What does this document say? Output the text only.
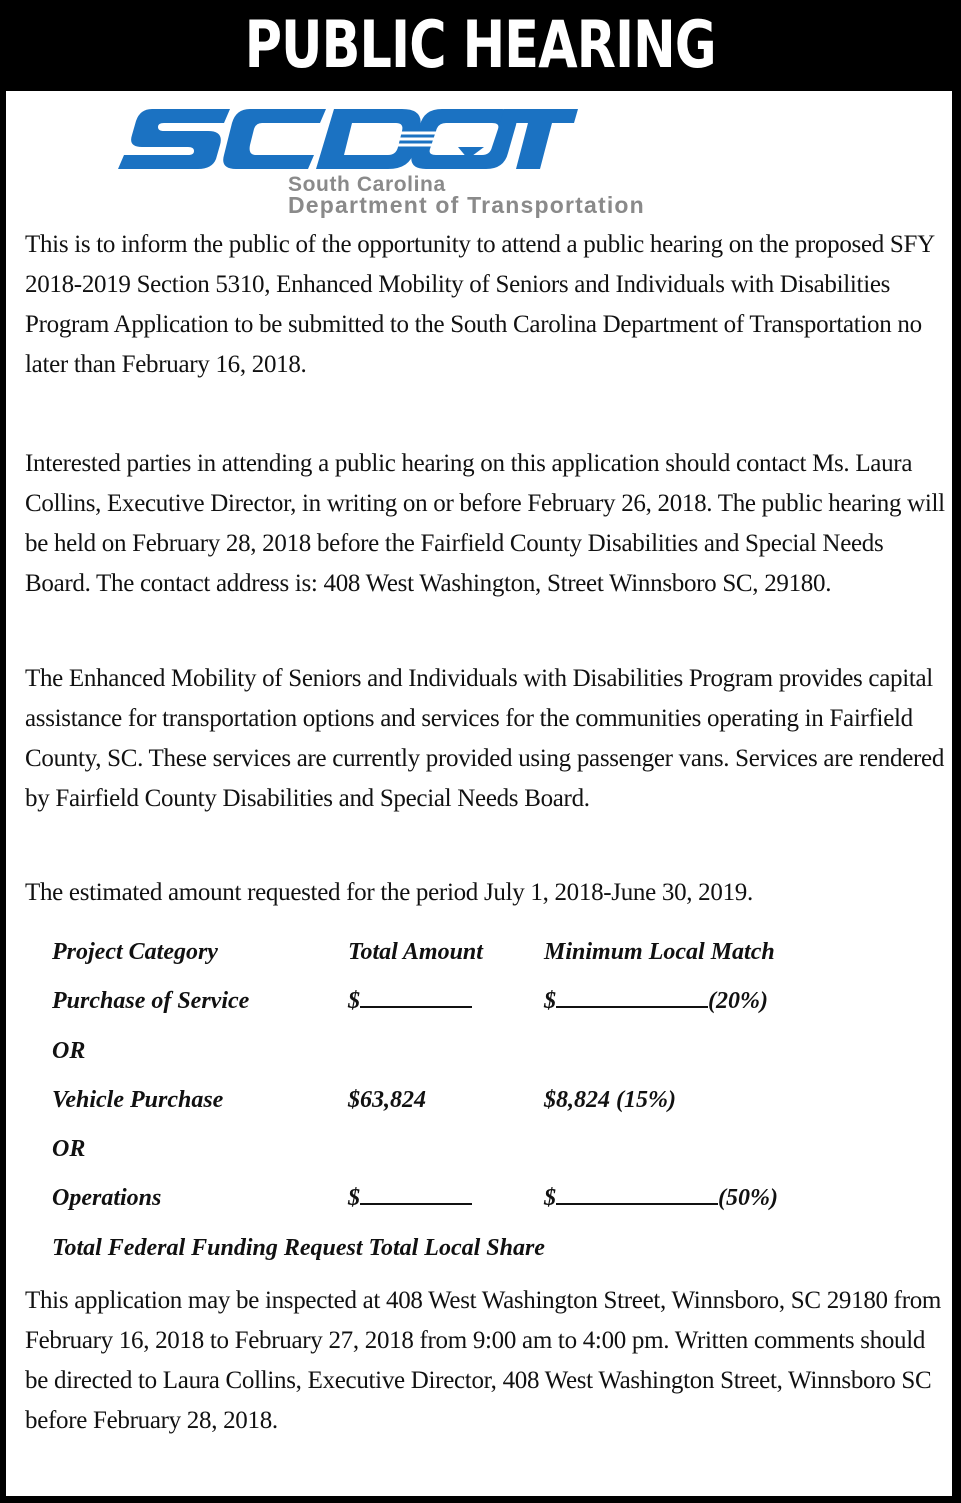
PUBLIC HEARING
South Carolina
Department of Transportation

This is to inform the public of the opportunity to attend a public hearing on the proposed SFY 2018-2019 Section 5310, Enhanced Mobility of Seniors and Individuals with Disabilities Program Application to be submitted to the South Carolina Department of Transportation no later than February 16, 2018.

Interested parties in attending a public hearing on this application should contact Ms. Laura Collins, Executive Director, in writing on or before February 26, 2018. The public hearing will be held on February 28, 2018 before the Fairfield County Disabilities and Special Needs Board. The contact address is: 408 West Washington, Street Winnsboro SC, 29180.

The Enhanced Mobility of Seniors and Individuals with Disabilities Program provides capital assistance for transportation options and services for the communities operating in Fairfield County, SC. These services are currently provided using passenger vans. Services are rendered by Fairfield County Disabilities and Special Needs Board.

The estimated amount requested for the period July 1, 2018-June 30, 2019.

Project Category	Total Amount	Minimum Local Match
Purchase of Service	$	$	(20%)
OR
Vehicle Purchase	$63,824	$8,824 (15%)
OR
Operations	$	$	(50%)
Total Federal Funding Request Total Local Share

This application may be inspected at 408 West Washington Street, Winnsboro, SC 29180 from February 16, 2018 to February 27, 2018 from 9:00 am to 4:00 pm. Written comments should be directed to Laura Collins, Executive Director, 408 West Washington Street, Winnsboro SC before February 28, 2018.
